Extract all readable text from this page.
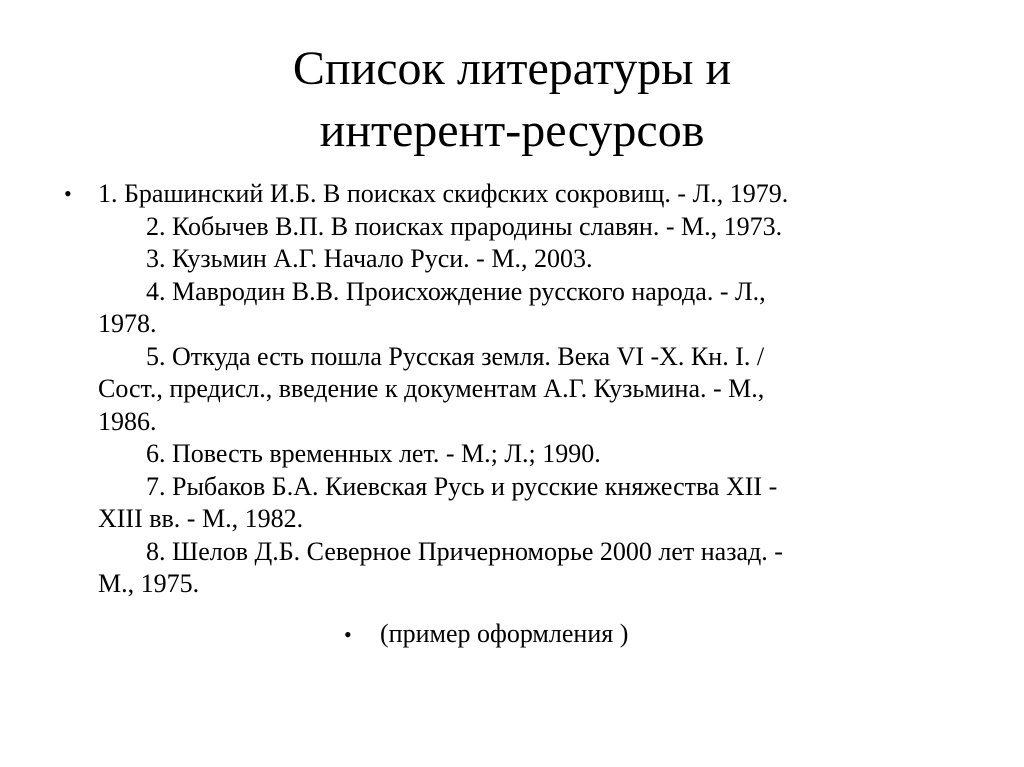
Список литературы и
интерент-ресурсов
• 1. Брашинский И.Б. В поисках скифских сокровищ. - Л., 1979.
2. Кобычев В.П. В поисках прародины славян. - М., 1973.
3. Кузьмин А.Г. Начало Руси. - М., 2003.
4. Мавродин В.В. Происхождение русского народа. - Л.,
1978.
5. Откуда есть пошла Русская земля. Века VI -X. Кн. I. /
Сост., предисл., введение к документам А.Г. Кузьмина. - М.,
1986.
6. Повесть временных лет. - М.; Л.; 1990.
7. Рыбаков Б.А. Киевская Русь и русские княжества XII -
XIII вв. - М., 1982.
8. Шелов Д.Б. Северное Причерноморье 2000 лет назад. -
М., 1975.
• (пример оформления )
